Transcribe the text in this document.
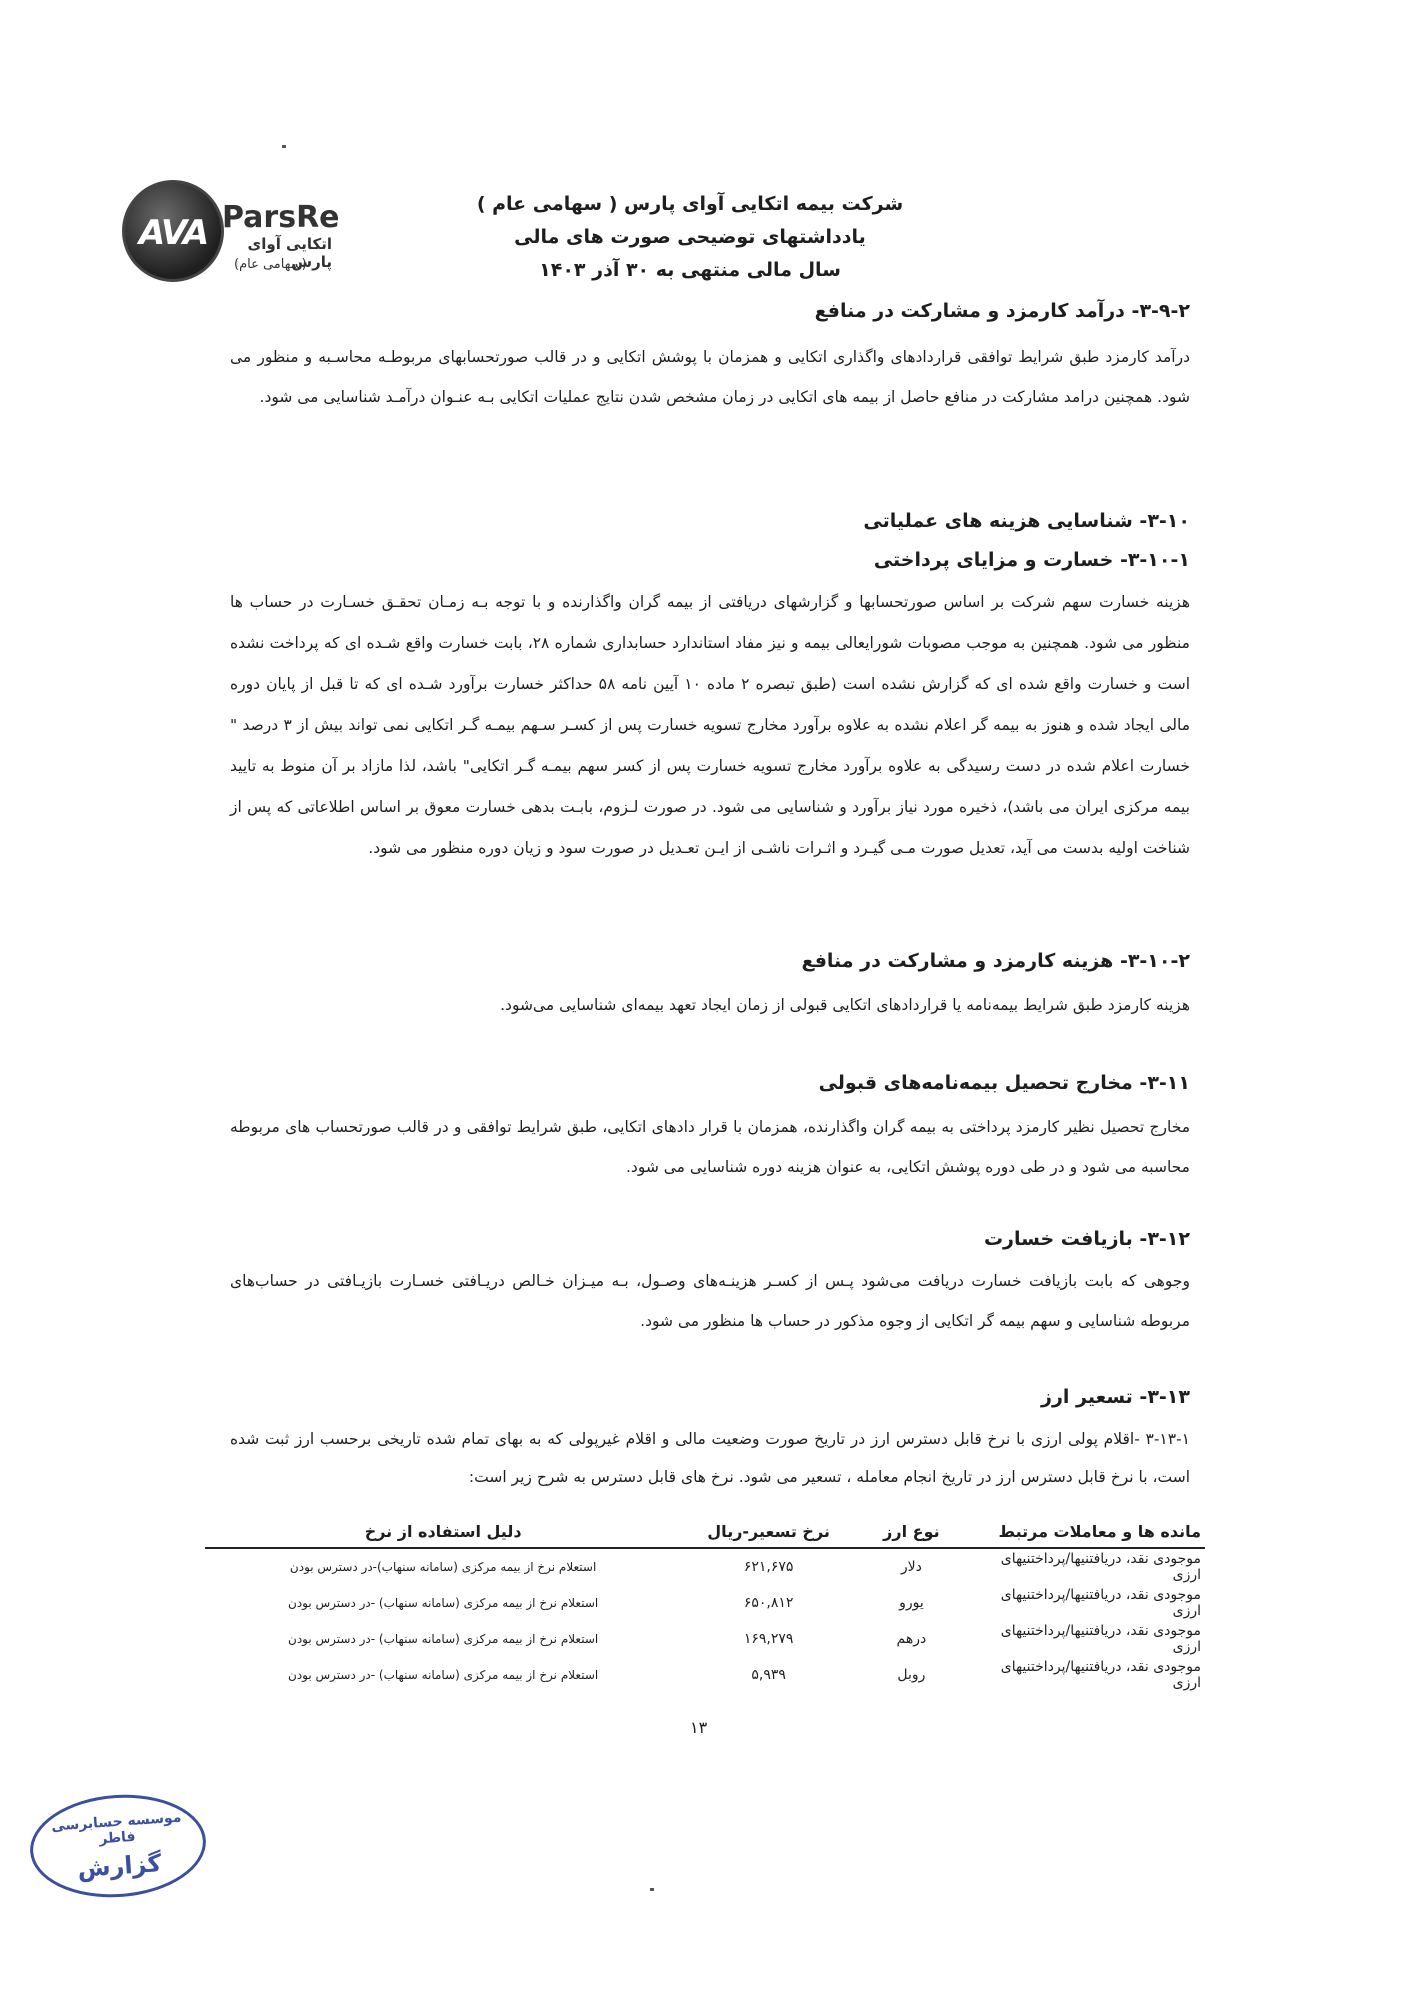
AVA ParsRe
اتکایی آوای پارس
(سهامی عام)
شرکت بیمه اتکایی آوای پارس ( سهامی عام )
یادداشتهای توضیحی صورت های مالی
سال مالی منتهی به ۳۰ آذر ۱۴۰۳
۳-۹-۲- درآمد کارمزد و مشارکت در منافع
درآمد کارمزد طبق شرایط توافقی قراردادهای واگذاری اتکایی و همزمان با پوشش اتکایی و در قالب صورتحسابهای مربوطـه محاسـبه و منظور می شود. همچنین درامد مشارکت در منافع حاصل از بیمه های اتکایی در زمان مشخص شدن نتایج عملیات اتکایی بـه عنـوان درآمـد شناسایی می شود.
۳-۱۰- شناسایی هزینه های عملیاتی
۳-۱۰-۱- خسارت و مزایای پرداختی
هزینه خسارت سهم شرکت بر اساس صورتحسابها و گزارشهای دریافتی از بیمه گران واگذارنده و با توجه بـه زمـان تحقـق خسـارت در حساب ها منظور می شود. همچنین به موجب مصوبات شورایعالی بیمه و نیز مفاد استاندارد حسابداری شماره ۲۸، بابت خسارت واقع شـده ای که پرداخت نشده است و خسارت واقع شده ای که گزارش نشده است (طبق تبصره ۲ ماده ۱۰ آیین نامه ۵۸ حداکثر خسارت برآورد شـده ای که تا قبل از پایان دوره مالی ایجاد شده و هنوز به بیمه گر اعلام نشده به علاوه برآورد مخارج تسویه خسارت پس از کسـر سـهم بیمـه گـر اتکایی نمی تواند بیش از ۳ درصد " خسارت اعلام شده در دست رسیدگی به علاوه برآورد مخارج تسویه خسارت پس از کسر سهم بیمـه گـر اتکایی" باشد، لذا مازاد بر آن منوط به تایید بیمه مرکزی ایران می باشد)، ذخیره مورد نیاز برآورد و شناسایی می شود. در صورت لـزوم، بابـت بدهی خسارت معوق بر اساس اطلاعاتی که پس از شناخت اولیه بدست می آید، تعدیل صورت مـی گیـرد و اثـرات ناشـی از ایـن تعـدیل در صورت سود و زیان دوره منظور می شود.
۳-۱۰-۲- هزینه کارمزد و مشارکت در منافع
هزینه کارمزد طبق شرایط بیمه‌نامه یا قراردادهای اتکایی قبولی از زمان ایجاد تعهد بیمه‌ای شناسایی می‌شود.
۳-۱۱- مخارج تحصیل بیمه‌نامه‌های قبولی
مخارج تحصیل نظیر کارمزد پرداختی به بیمه گران واگذارنده، همزمان با قرار دادهای اتکایی، طبق شرایط توافقی و در قالب صورتحساب های مربوطه محاسبه می شود و در طی دوره پوشش اتکایی، به عنوان هزینه دوره شناسایی می شود.
۳-۱۲- بازیافت خسارت
وجوهی که بابت بازیافت خسارت دریافت می‌شود پـس از کسـر هزینـه‌های وصـول، بـه میـزان خـالص دریـافتی خسـارت بازیـافتی در حساب‌های مربوطه شناسایی و سهم بیمه گر اتکایی از وجوه مذکور در حساب ها منظور می شود.
۳-۱۳- تسعیر ارز
۳-۱۳-۱ -اقلام پولی ارزی با نرخ قابل دسترس ارز در تاریخ صورت وضعیت مالی و اقلام غیرپولی که به بهای تمام شده تاریخی برحسب ارز ثبت شده است، با نرخ قابل دسترس ارز در تاریخ انجام معامله ، تسعیر می شود. نرخ های قابل دسترس به شرح زیر است:
مانده ها و معاملات مرتبط	نوع ارز	نرخ تسعیر-ریال	دلیل استفاده از نرخ
موجودی نقد، دریافتنیها/پرداختنیهای ارزی	دلار	۶۲۱,۶۷۵	استعلام نرخ از بیمه مرکزی (سامانه سنهاب)-در دسترس بودن
موجودی نقد، دریافتنیها/پرداختنیهای ارزی	یورو	۶۵۰,۸۱۲	استعلام نرخ از بیمه مرکزی (سامانه سنهاب) -در دسترس بودن
موجودی نقد، دریافتنیها/پرداختنیهای ارزی	درهم	۱۶۹,۲۷۹	استعلام نرخ از بیمه مرکزی (سامانه سنهاب) -در دسترس بودن
موجودی نقد، دریافتنیها/پرداختنیهای ارزی	روبل	۵,۹۳۹	استعلام نرخ از بیمه مرکزی (سامانه سنهاب) -در دسترس بودن
۱۳
موسسه حسابرسی فاطر
گزارش
